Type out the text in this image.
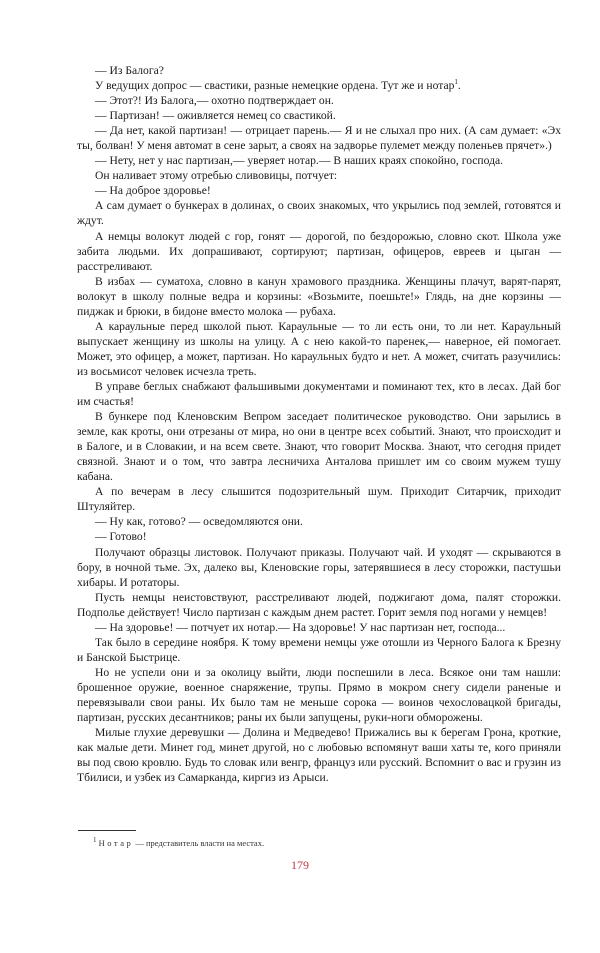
— Из Балога?

У ведущих допрос — свастики, разные немецкие ордена. Тут же и нотар$^1$.

— Этот?! Из Балога,— охотно подтверждает он.

— Партизан! — оживляется немец со свастикой.

— Да нет, какой партизан! — отрицает парень.— Я и не слыхал про них. (А сам думает: «Эх ты, болван! У меня автомат в сене зарыт, а своях на задворье пулемет между поленьев прячет».)

— Нету, нет у нас партизан,— уверяет нотар.— В наших краях спокойно, господа.

Он наливает этому отребью сливовицы, потчует:

— На доброе здоровье!

А сам думает о бункерах в долинах, о своих знакомых, что укрылись под землей, готовятся и ждут.

А немцы волокут людей с гор, гонят — дорогой, по бездорожью, словно скот. Школа уже забита людьми. Их допрашивают, сортируют; партизан, офицеров, евреев и цыган — расстреливают.

В избах — суматоха, словно в канун храмового праздника. Женщины плачут, варят-парят, волокут в школу полные ведра и корзины: «Возьмите, поешьте!» Глядь, на дне корзины — пиджак и брюки, в бидоне вместо молока — рубаха.

А караульные перед школой пьют. Караульные — то ли есть они, то ли нет. Караульный выпускает женщину из школы на улицу. А с нею какой-то паренек,— наверное, ей помогает. Может, это офицер, а может, партизан. Но караульных будто и нет. А может, считать разучились: из восьмисот человек исчезла треть.

В управе беглых снабжают фальшивыми документами и поминают тех, кто в лесах. Дай бог им счастья!

В бункере под Кленовским Вепром заседает политическое руководство. Они зарылись в земле, как кроты, они отрезаны от мира, но они в центре всех событий. Знают, что происходит и в Балоге, и в Словакии, и на всем свете. Знают, что говорит Москва. Знают, что сегодня придет связной. Знают и о том, что завтра лесничиха Анталова пришлет им со своим мужем тушу кабана.

А по вечерам в лесу слышится подозрительный шум. Приходит Ситарчик, приходит Штуляйтер.

— Ну как, готово? — осведомляются они.

— Готово!

Получают образцы листовок. Получают приказы. Получают чай. И уходят — скрываются в бору, в ночной тьме. Эх, далеко вы, Кленовские горы, затерявшиеся в лесу сторожки, пастушьи хибары. И ротаторы.

Пусть немцы неистовствуют, расстреливают людей, поджигают дома, палят сторожки. Подполье действует! Число партизан с каждым днем растет. Горит земля под ногами у немцев!

— На здоровье! — потчует их нотар.— На здоровье! У нас партизан нет, господа...

Так было в середине ноября. К тому времени немцы уже отошли из Черного Балога к Брезну и Банской Быстрице.

Но не успели они и за околицу выйти, люди поспешили в леса. Всякое они там нашли: брошенное оружие, военное снаряжение, трупы. Прямо в мокром снегу сидели раненые и перевязывали свои раны. Их было там не меньше сорока — воинов чехословацкой бригады, партизан, русских десантников; раны их были запущены, руки-ноги обморожены.

Милые глухие деревушки — Долина и Медведево! Прижались вы к берегам Грона, кроткие, как малые дети. Минет год, минет другой, но с любовью вспомянут ваши хаты те, кого приняли вы под свою кровлю. Будь то словак или венгр, француз или русский. Вспомнит о вас и грузин из Тбилиси, и узбек из Самарканда, киргиз из Арыси.

$^1$ Нотар — представитель власти на местах.
179
